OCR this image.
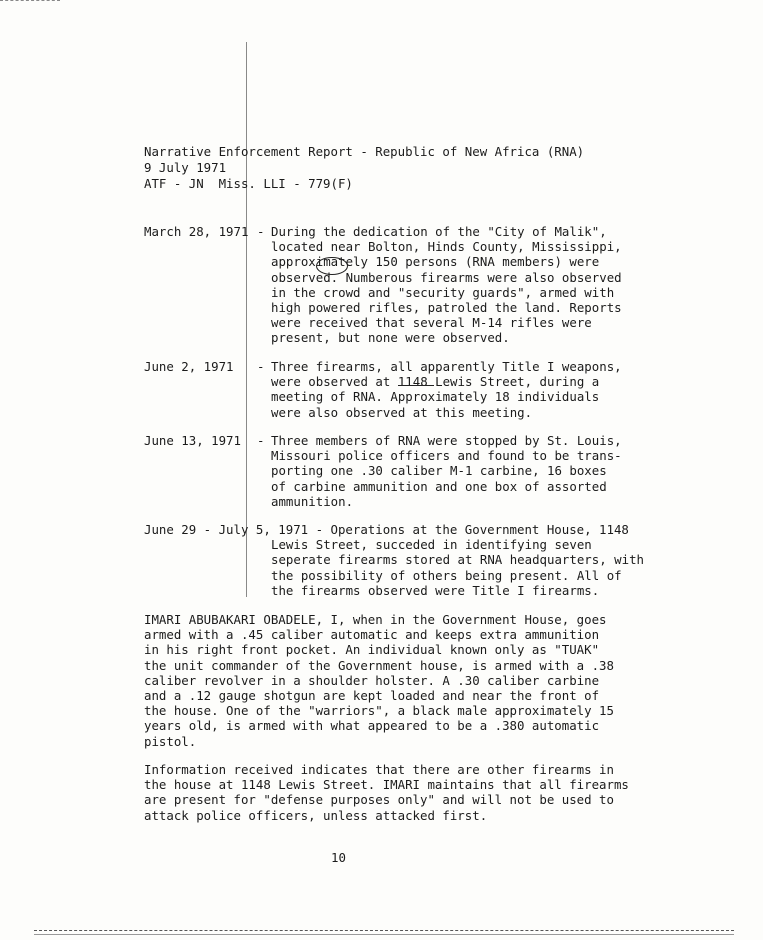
Narrative Enforcement Report - Republic of New Africa (RNA)
9 July 1971
ATF - JN  Miss. LLI - 779(F)
March 28, 1971 - During the dedication of the "City of Malik",
located near Bolton, Hinds County, Mississippi,
approximately 150 persons (RNA members) were
observed. Numberous firearms were also observed
in the crowd and "security guards", armed with
high powered rifles, patroled the land. Reports
were received that several M-14 rifles were
present, but none were observed.
June 2, 1971 - Three firearms, all apparently Title I weapons,
were observed at 1148 Lewis Street, during a
meeting of RNA. Approximately 18 individuals
were also observed at this meeting.
June 13, 1971 - Three members of RNA were stopped by St. Louis,
Missouri police officers and found to be trans-
porting one .30 caliber M-1 carbine, 16 boxes
of carbine ammunition and one box of assorted
ammunition.
June 29 - July 5, 1971 - Operations at the Government House, 1148
Lewis Street, succeded in identifying seven
seperate firearms stored at RNA headquarters, with
the possibility of others being present. All of
the firearms observed were Title I firearms.
IMARI ABUBAKARI OBADELE, I, when in the Government House, goes
armed with a .45 caliber automatic and keeps extra ammunition
in his right front pocket. An individual known only as "TUAK"
the unit commander of the Government house, is armed with a .38
caliber revolver in a shoulder holster. A .30 caliber carbine
and a .12 gauge shotgun are kept loaded and near the front of
the house. One of the "warriors", a black male approximately 15
years old, is armed with what appeared to be a .380 automatic
pistol.
Information received indicates that there are other firearms in
the house at 1148 Lewis Street. IMARI maintains that all firearms
are present for "defense purposes only" and will not be used to
attack police officers, unless attacked first.
10
